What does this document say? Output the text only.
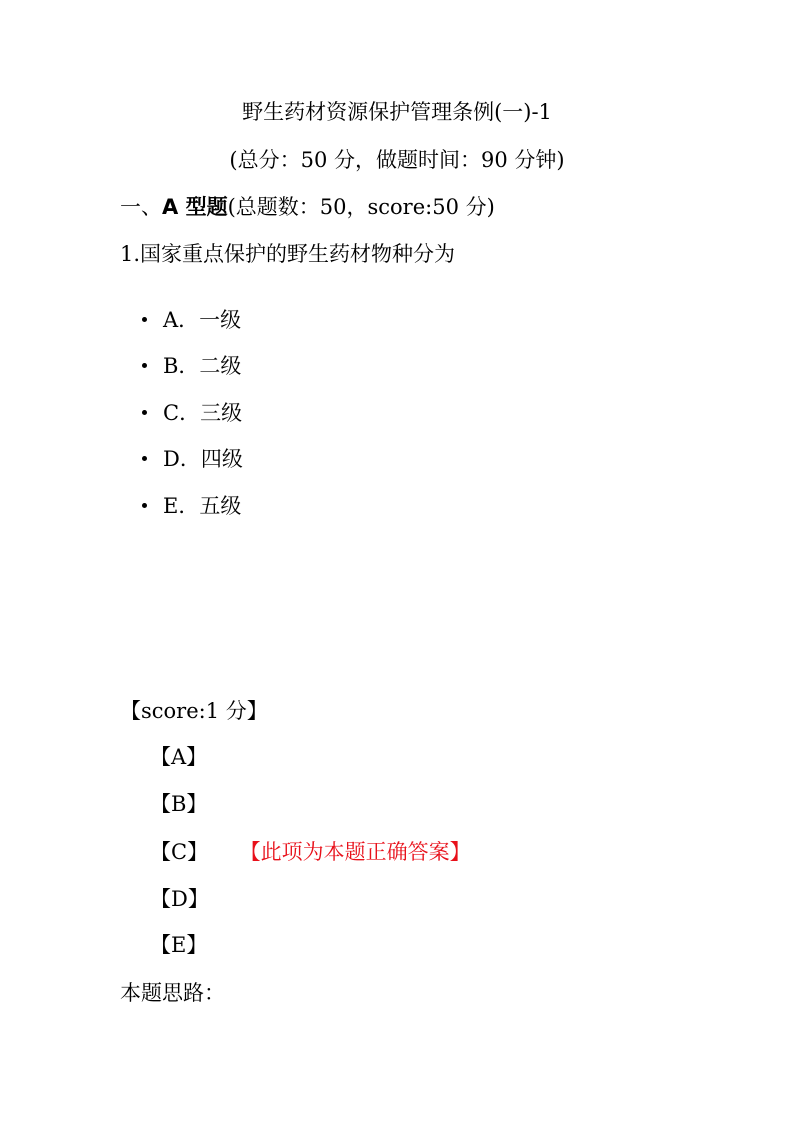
野生药材资源保护管理条例(一)-1
(总分：50 分，做题时间：90 分钟)
一、A 型题(总题数：50，score:50 分)
1.国家重点保护的野生药材物种分为
A．一级
B．二级
C．三级
D．四级
E．五级
【score:1 分】
【A】
【B】
【C】 【此项为本题正确答案】
【D】
【E】
本题思路：
